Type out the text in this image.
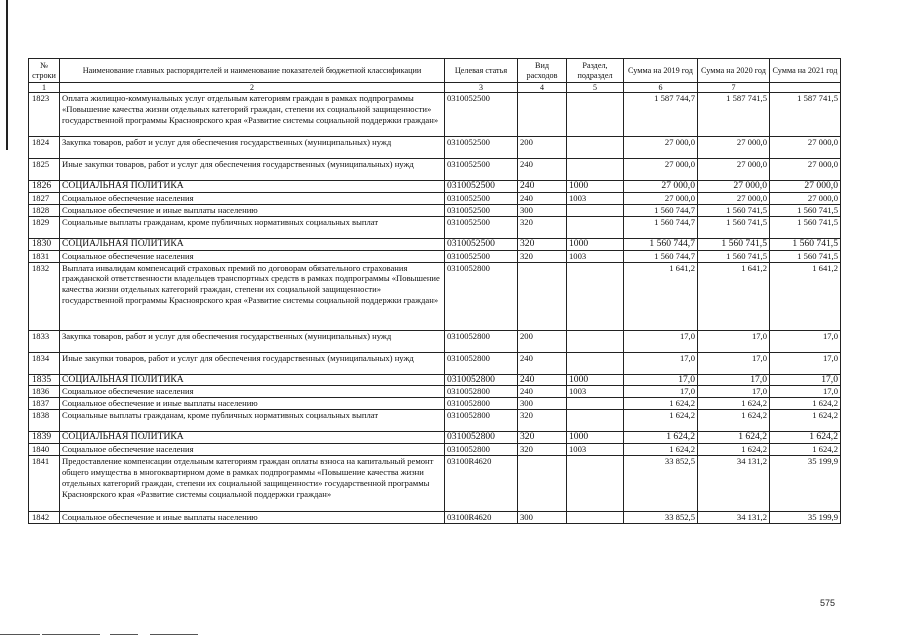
№ строки	Наименование главных распорядителей и наименование показателей бюджетной классификации	Целевая статья	Вид расходов	Раздел, подраздел	Сумма на 2019 год	Сумма на 2020 год	Сумма на 2021 год
1	2	3	4	5	6	7	
1823	Оплата жилищно-коммунальных услуг отдельным категориям граждан в рамках подпрограммы «Повышение качества жизни отдельных категорий граждан, степени их социальной защищенности» государственной программы Красноярского края «Развитие системы социальной поддержки граждан»	0310052500			1 587 744,7	1 587 741,5	1 587 741,5
1824	Закупка товаров, работ и услуг для обеспечения государственных (муниципальных) нужд	0310052500	200		27 000,0	27 000,0	27 000,0
1825	Иные закупки товаров, работ и услуг для обеспечения государственных (муниципальных) нужд	0310052500	240		27 000,0	27 000,0	27 000,0
1826	СОЦИАЛЬНАЯ ПОЛИТИКА	0310052500	240	1000	27 000,0	27 000,0	27 000,0
1827	Социальное обеспечение населения	0310052500	240	1003	27 000,0	27 000,0	27 000,0
1828	Социальное обеспечение и иные выплаты населению	0310052500	300		1 560 744,7	1 560 741,5	1 560 741,5
1829	Социальные выплаты гражданам, кроме публичных нормативных социальных выплат	0310052500	320		1 560 744,7	1 560 741,5	1 560 741,5
1830	СОЦИАЛЬНАЯ ПОЛИТИКА	0310052500	320	1000	1 560 744,7	1 560 741,5	1 560 741,5
1831	Социальное обеспечение населения	0310052500	320	1003	1 560 744,7	1 560 741,5	1 560 741,5
1832	Выплата инвалидам компенсаций страховых премий по договорам обязательного страхования гражданской ответственности владельцев транспортных средств в рамках подпрограммы «Повышение качества жизни отдельных категорий граждан, степени их социальной защищенности» государственной программы Красноярского края «Развитие системы социальной поддержки граждан»	0310052800			1 641,2	1 641,2	1 641,2
1833	Закупка товаров, работ и услуг для обеспечения государственных (муниципальных) нужд	0310052800	200		17,0	17,0	17,0
1834	Иные закупки товаров, работ и услуг для обеспечения государственных (муниципальных) нужд	0310052800	240		17,0	17,0	17,0
1835	СОЦИАЛЬНАЯ ПОЛИТИКА	0310052800	240	1000	17,0	17,0	17,0
1836	Социальное обеспечение населения	0310052800	240	1003	17,0	17,0	17,0
1837	Социальное обеспечение и иные выплаты населению	0310052800	300		1 624,2	1 624,2	1 624,2
1838	Социальные выплаты гражданам, кроме публичных нормативных социальных выплат	0310052800	320		1 624,2	1 624,2	1 624,2
1839	СОЦИАЛЬНАЯ ПОЛИТИКА	0310052800	320	1000	1 624,2	1 624,2	1 624,2
1840	Социальное обеспечение населения	0310052800	320	1003	1 624,2	1 624,2	1 624,2
1841	Предоставление компенсации отдельным категориям граждан оплаты взноса на капитальный ремонт общего имущества в многоквартирном доме в рамках подпрограммы «Повышение качества жизни отдельных категорий граждан, степени их социальной защищенности» государственной программы Красноярского края «Развитие системы социальной поддержки граждан»	03100R4620			33 852,5	34 131,2	35 199,9
1842	Социальное обеспечение и иные выплаты населению	03100R4620	300		33 852,5	34 131,2	35 199,9
575
